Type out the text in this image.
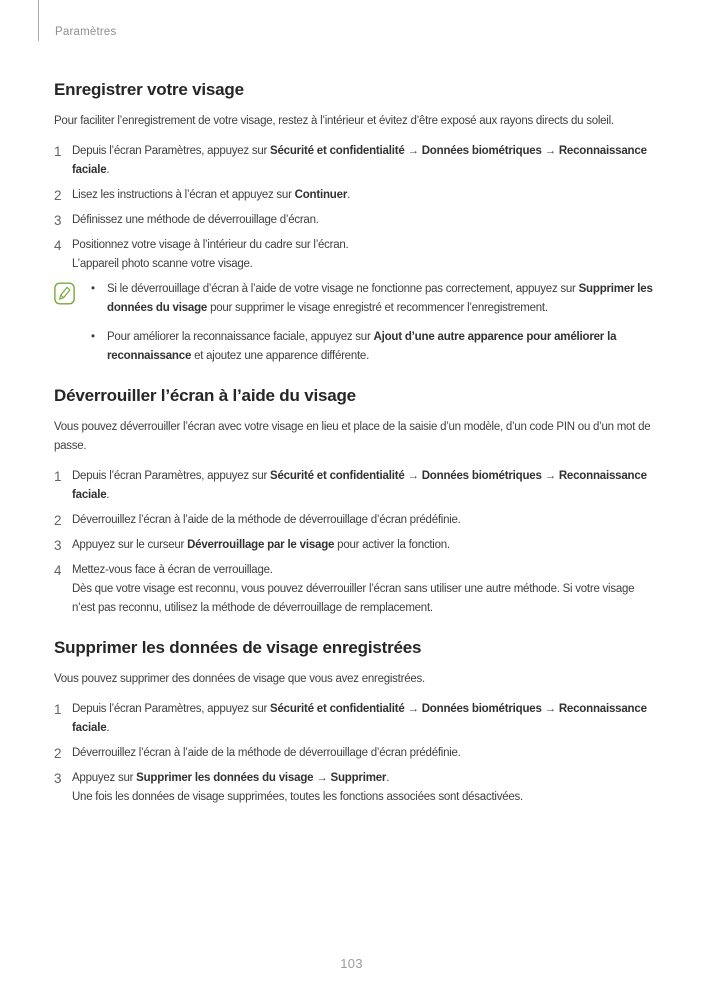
Paramètres
Enregistrer votre visage

Pour faciliter l’enregistrement de votre visage, restez à l’intérieur et évitez d’être exposé aux rayons directs du soleil.

1 Depuis l’écran Paramètres, appuyez sur Sécurité et confidentialité → Données biométriques → Reconnaissance faciale.

2 Lisez les instructions à l’écran et appuyez sur Continuer.

3 Définissez une méthode de déverrouillage d’écran.

4 Positionnez votre visage à l’intérieur du cadre sur l’écran.

L’appareil photo scanne votre visage.

•	Si le déverrouillage d’écran à l’aide de votre visage ne fonctionne pas correctement, appuyez sur Supprimer les données du visage pour supprimer le visage enregistré et recommencer l’enregistrement.

•	Pour améliorer la reconnaissance faciale, appuyez sur Ajout d’une autre apparence pour améliorer la reconnaissance et ajoutez une apparence différente.

Déverrouiller l’écran à l’aide du visage

Vous pouvez déverrouiller l’écran avec votre visage en lieu et place de la saisie d’un modèle, d’un code PIN ou d’un mot de passe.

1 Depuis l’écran Paramètres, appuyez sur Sécurité et confidentialité → Données biométriques → Reconnaissance faciale.

2 Déverrouillez l’écran à l’aide de la méthode de déverrouillage d’écran prédéfinie.

3 Appuyez sur le curseur Déverrouillage par le visage pour activer la fonction.

4 Mettez-vous face à écran de verrouillage.

Dès que votre visage est reconnu, vous pouvez déverrouiller l’écran sans utiliser une autre méthode. Si votre visage n’est pas reconnu, utilisez la méthode de déverrouillage de remplacement.

Supprimer les données de visage enregistrées

Vous pouvez supprimer des données de visage que vous avez enregistrées.

1 Depuis l’écran Paramètres, appuyez sur Sécurité et confidentialité → Données biométriques → Reconnaissance faciale.

2 Déverrouillez l’écran à l’aide de la méthode de déverrouillage d’écran prédéfinie.

3 Appuyez sur Supprimer les données du visage → Supprimer.

Une fois les données de visage supprimées, toutes les fonctions associées sont désactivées.

103
